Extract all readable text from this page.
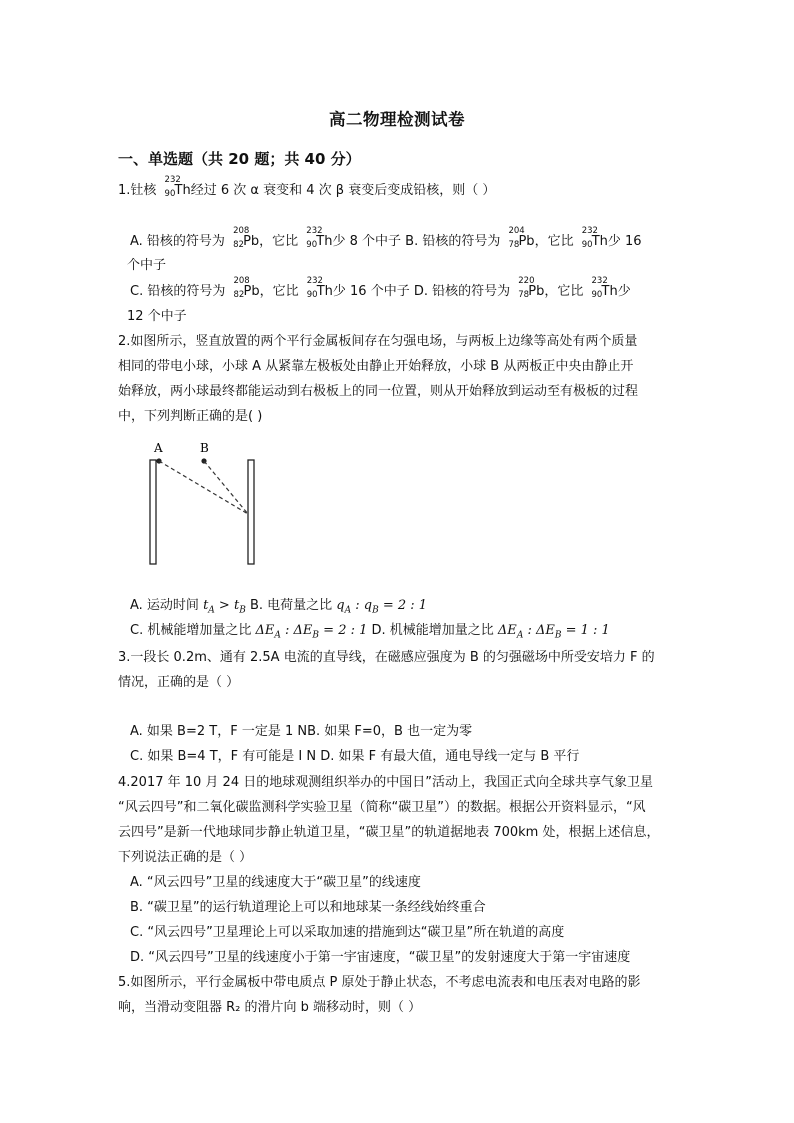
高二物理检测试卷
一、单选题（共 20 题；共 40 分）
1.钍核
232
90 Th经过 6 次 α 衰变和 4 次 β 衰变后变成铅核，则（ ）
A. 铅核的符号为
208
82 Pb，它比
232
90 Th少 8 个中子 B. 铅核的符号为
204
78 Pb，它比
232
90 Th少 16
个中子
C. 铅核的符号为
208
82 Pb，它比
232
90 Th少 16 个中子 D. 铅核的符号为
220
78 Pb，它比
232
90 Th少
12 个中子
2.如图所示，竖直放置的两个平行金属板间存在匀强电场，与两板上边缘等高处有两个质量
相同的带电小球，小球 A 从紧靠左极板处由静止开始释放，小球 B 从两板正中央由静止开
始释放，两小球最终都能运动到右极板上的同一位置，则从开始释放到运动至有极板的过程
中，下列判断正确的是( )
A	B
A. 运动时间 $t_A > t_B$ B. 电荷量之比 $q_A$ : $q_B = 2$ : 1
C. 机械能增加量之比 $\Delta E_A$ : $\Delta E_B = 2$ : 1 D. 机械能增加量之比 $\Delta E_A$ : $\Delta E_B = 1$ : 1
3.一段长 0.2m、通有 2.5A 电流的直导线，在磁感应强度为 B 的匀强磁场中所受安培力 F 的
情况，正确的是（ ）
A. 如果 B=2 T，F 一定是 1 NB. 如果 F=0，B 也一定为零
C. 如果 B=4 T，F 有可能是 I N D. 如果 F 有最大值，通电导线一定与 B 平行
4.2017 年 10 月 24 日的地球观测组织举办的中国日”活动上，我国正式向全球共享气象卫星
“风云四号”和二氧化碳监测科学实验卫星（简称“碳卫星”）的数据。根据公开资料显示，“风
云四号”是新一代地球同步静止轨道卫星，“碳卫星”的轨道据地表 700km 处，根据上述信息，
下列说法正确的是（ ）
A. “风云四号”卫星的线速度大于“碳卫星”的线速度
B. “碳卫星”的运行轨道理论上可以和地球某一条经线始终重合
C. “风云四号”卫星理论上可以采取加速的措施到达“碳卫星”所在轨道的高度
D. “风云四号”卫星的线速度小于第一宇宙速度，“碳卫星”的发射速度大于第一宇宙速度
5.如图所示，平行金属板中带电质点 P 原处于静止状态，不考虑电流表和电压表对电路的影
响，当滑动变阻器 R₂ 的滑片向 b 端移动时，则（ ）
